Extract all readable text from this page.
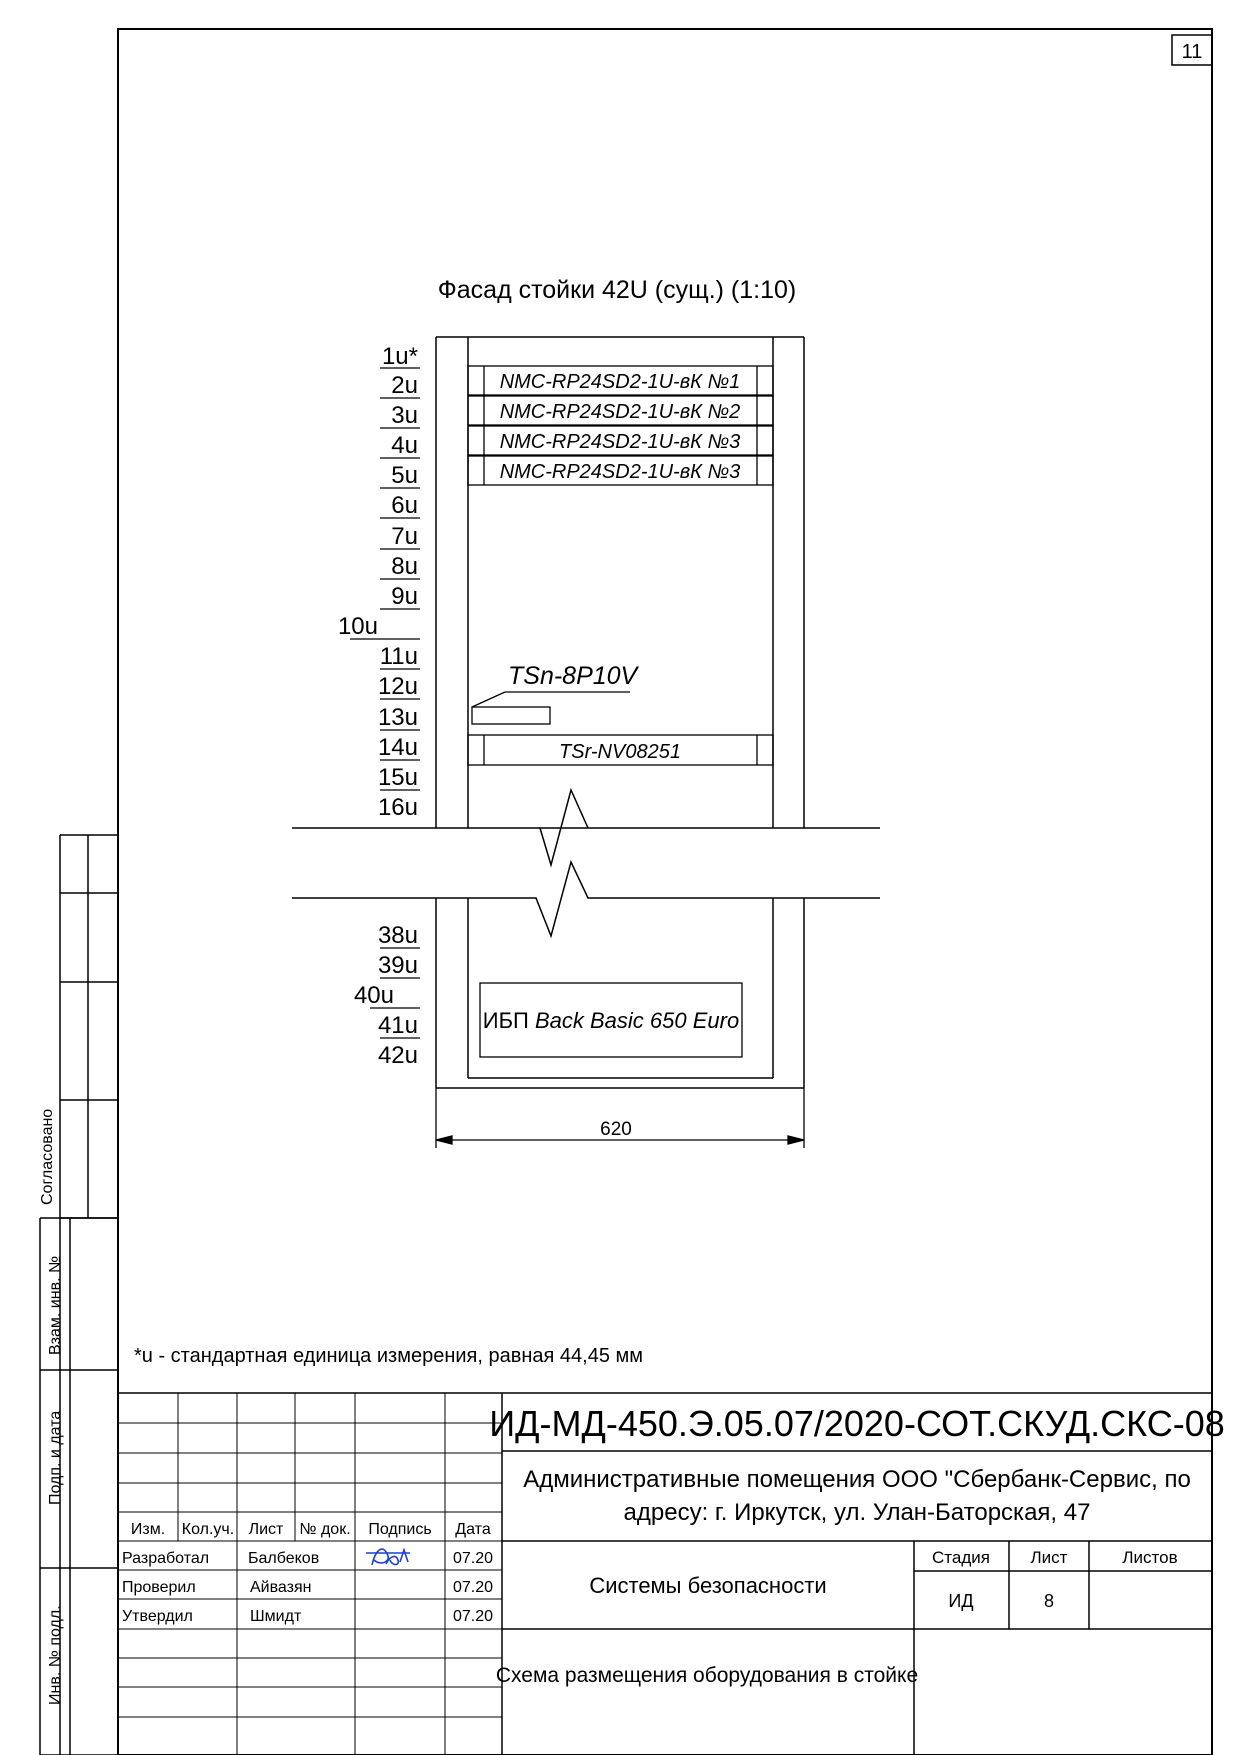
11
Фасад стойки 42U (сущ.) (1:10)
1u*
2u
3u
4u
5u
6u
7u
8u
9u
10u
11u
12u
13u
14u
15u
16u
38u
39u
40u
41u
42u
NMC-RP24SD2-1U-вК №1
NMC-RP24SD2-1U-вК №2
NMC-RP24SD2-1U-вК №3
NMC-RP24SD2-1U-вК №3
TSn-8P10V
TSr-NV08251
ИБП Back Basic 650 Euro
620
*u - стандартная единица измерения, равная 44,45 мм
Согласовано
Взам. инв. №
Подп. и дата
Инв. № подл.
ИД-МД-450.Э.05.07/2020-СОТ.СКУД.СКС-08
Административные помещения ООО "Сбербанк-Сервис, по
адресу: г. Иркутск, ул. Улан-Баторская, 47
Изм. Кол.уч. Лист № док. Подпись Дата
Разработал Балбеков	07.20
Проверил	Айвазян	07.20
Утвердил	Шмидт	07.20
Системы безопасности
Стадия Лист	Листов
ИД	8
Схема размещения оборудования в стойке
